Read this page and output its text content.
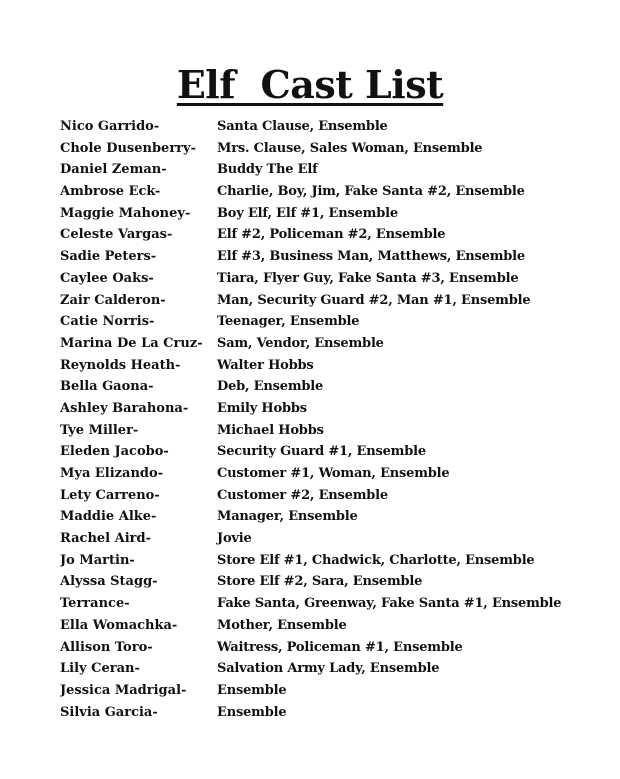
Elf  Cast List
Nico Garrido-	Santa Clause, Ensemble
Chole Dusenberry-	Mrs. Clause, Sales Woman, Ensemble
Daniel Zeman-	Buddy The Elf
Ambrose Eck-	Charlie, Boy, Jim, Fake Santa #2, Ensemble
Maggie Mahoney-	Boy Elf, Elf #1, Ensemble
Celeste Vargas-	Elf #2, Policeman #2, Ensemble
Sadie Peters-	Elf #3, Business Man, Matthews, Ensemble
Caylee Oaks-	Tiara, Flyer Guy, Fake Santa #3, Ensemble
Zair Calderon-	Man, Security Guard #2, Man #1, Ensemble
Catie Norris-	Teenager, Ensemble
Marina De La Cruz-	Sam, Vendor, Ensemble
Reynolds Heath-	Walter Hobbs
Bella Gaona-	Deb, Ensemble
Ashley Barahona-	Emily Hobbs
Tye Miller-	Michael Hobbs
Eleden Jacobo-	Security Guard #1, Ensemble
Mya Elizando-	Customer #1, Woman, Ensemble
Lety Carreno-	Customer #2, Ensemble
Maddie Alke-	Manager, Ensemble
Rachel Aird-	Jovie
Jo Martin-	Store Elf #1, Chadwick, Charlotte, Ensemble
Alyssa Stagg-	Store Elf #2, Sara, Ensemble
Terrance-	Fake Santa, Greenway, Fake Santa #1, Ensemble
Ella Womachka-	Mother, Ensemble
Allison Toro-	Waitress, Policeman #1, Ensemble
Lily Ceran-	Salvation Army Lady, Ensemble
Jessica Madrigal-	Ensemble
Silvia Garcia-	Ensemble
